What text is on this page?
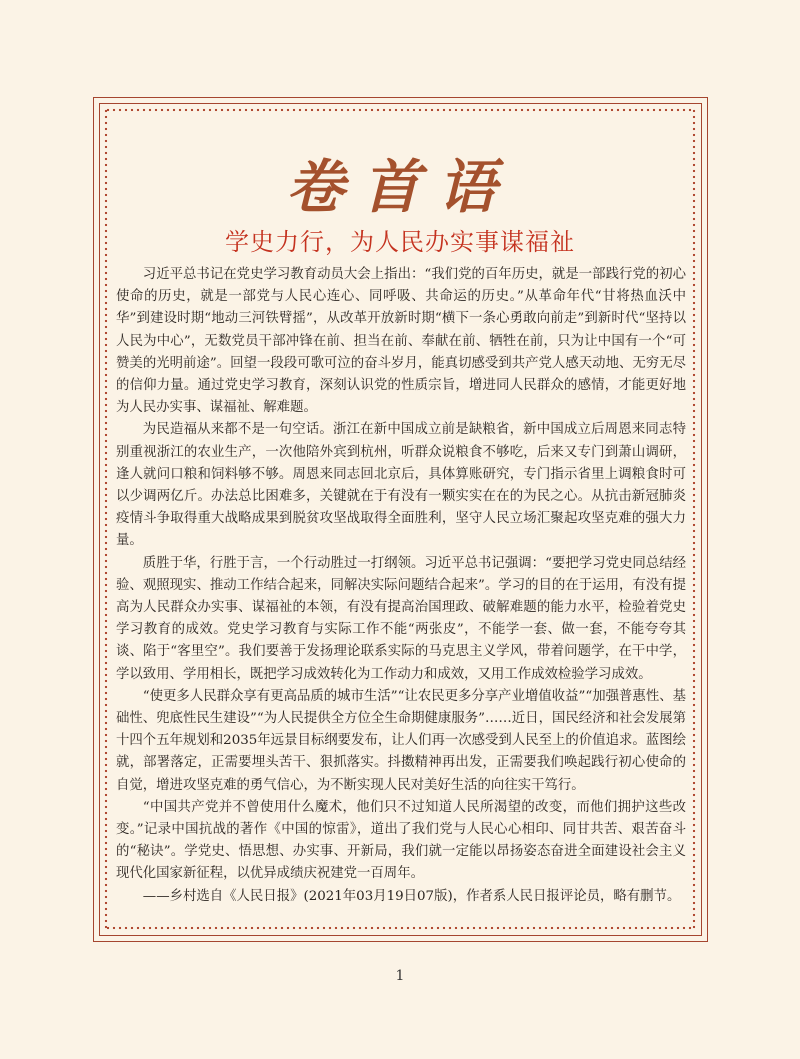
卷首语
学史力行，为人民办实事谋福祉

习近平总书记在党史学习教育动员大会上指出：“我们党的百年历史，就是一部践行党的初心使命的历史，就是一部党与人民心连心、同呼吸、共命运的历史。”从革命年代“甘将热血沃中华”到建设时期“地动三河铁臂摇”，从改革开放新时期“横下一条心勇敢向前走”到新时代“坚持以人民为中心”，无数党员干部冲锋在前、担当在前、奉献在前、牺牲在前，只为让中国有一个“可赞美的光明前途”。回望一段段可歌可泣的奋斗岁月，能真切感受到共产党人感天动地、无穷无尽的信仰力量。通过党史学习教育，深刻认识党的性质宗旨，增进同人民群众的感情，才能更好地为人民办实事、谋福祉、解难题。

为民造福从来都不是一句空话。浙江在新中国成立前是缺粮省，新中国成立后周恩来同志特别重视浙江的农业生产，一次他陪外宾到杭州，听群众说粮食不够吃，后来又专门到萧山调研，逢人就问口粮和饲料够不够。周恩来同志回北京后，具体算账研究，专门指示省里上调粮食时可以少调两亿斤。办法总比困难多，关键就在于有没有一颗实实在在的为民之心。从抗击新冠肺炎疫情斗争取得重大战略成果到脱贫攻坚战取得全面胜利，坚守人民立场汇聚起攻坚克难的强大力量。

质胜于华，行胜于言，一个行动胜过一打纲领。习近平总书记强调：“要把学习党史同总结经验、观照现实、推动工作结合起来，同解决实际问题结合起来”。学习的目的在于运用，有没有提高为人民群众办实事、谋福祉的本领，有没有提高治国理政、破解难题的能力水平，检验着党史学习教育的成效。党史学习教育与实际工作不能“两张皮”，不能学一套、做一套，不能夸夸其谈、陷于“客里空”。我们要善于发扬理论联系实际的马克思主义学风，带着问题学，在干中学，学以致用、学用相长，既把学习成效转化为工作动力和成效，又用工作成效检验学习成效。

“使更多人民群众享有更高品质的城市生活”“让农民更多分享产业增值收益”“加强普惠性、基础性、兜底性民生建设”“为人民提供全方位全生命期健康服务”……近日，国民经济和社会发展第十四个五年规划和2035年远景目标纲要发布，让人们再一次感受到人民至上的价值追求。蓝图绘就，部署落定，正需要埋头苦干、狠抓落实。抖擞精神再出发，正需要我们唤起践行初心使命的自觉，增进攻坚克难的勇气信心，为不断实现人民对美好生活的向往实干笃行。

“中国共产党并不曾使用什么魔术，他们只不过知道人民所渴望的改变，而他们拥护这些改变。”记录中国抗战的著作《中国的惊雷》，道出了我们党与人民心心相印、同甘共苦、艰苦奋斗的“秘诀”。学党史、悟思想、办实事、开新局，我们就一定能以昂扬姿态奋进全面建设社会主义现代化国家新征程，以优异成绩庆祝建党一百周年。

——乡村选自《人民日报》(2021年03月19日07版)，作者系人民日报评论员，略有删节。

1
